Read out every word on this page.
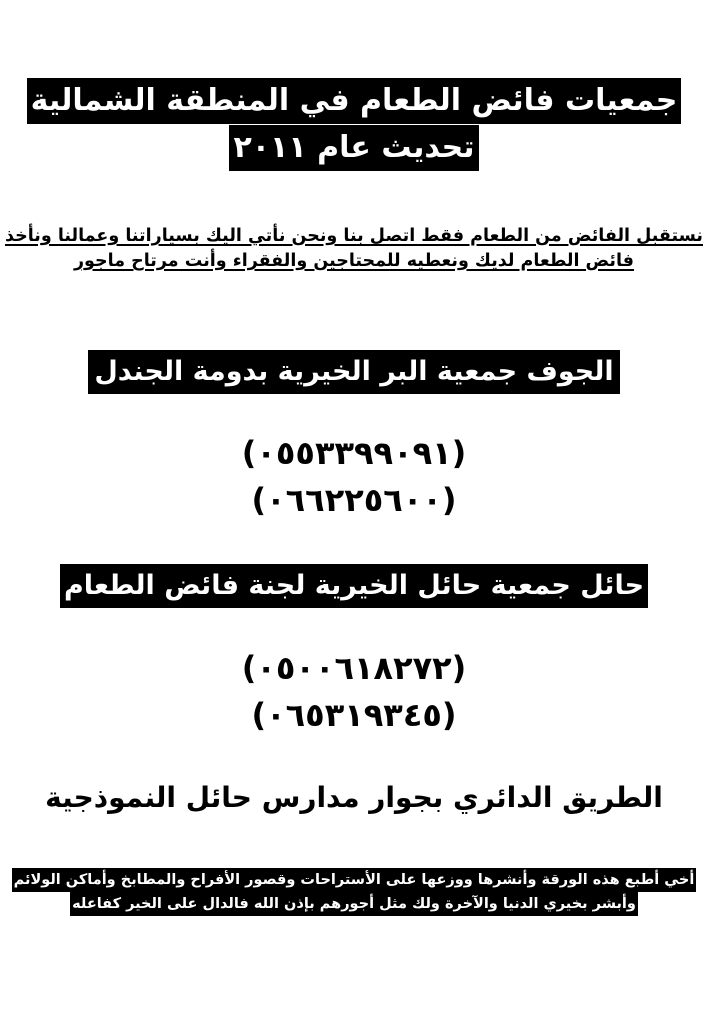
جمعيات فائض الطعام في المنطقة الشمالية
تحديث عام ٢٠١١
نستقبل الفائض من الطعام فقط اتصل بنا ونحن نأتي اليك بسياراتنا وعمالنا ونأخذ
فائض الطعام لديك ونعطيه للمحتاجين والفقراء وأنت مرتاح ماجور
الجوف جمعية البر الخيرية بدومة الجندل
(٠٥٥٣٣٩٩٠٩١)
(٠٦٦٢٢٥٦٠٠)
حائل جمعية حائل الخيرية لجنة فائض الطعام
(٠٥٠٠٦١٨٢٧٢)
(٠٦٥٣١٩٣٤٥)
الطريق الدائري بجوار مدارس حائل النموذجية
أخي أطبع هذه الورقة وأنشرها ووزعها على الأستراحات وقصور الأفراح والمطابخ وأماكن الولائم
وأبشر بخيري الدنيا والآخرة ولك مثل أجورهم بإذن الله فالدال على الخير كفاعله
